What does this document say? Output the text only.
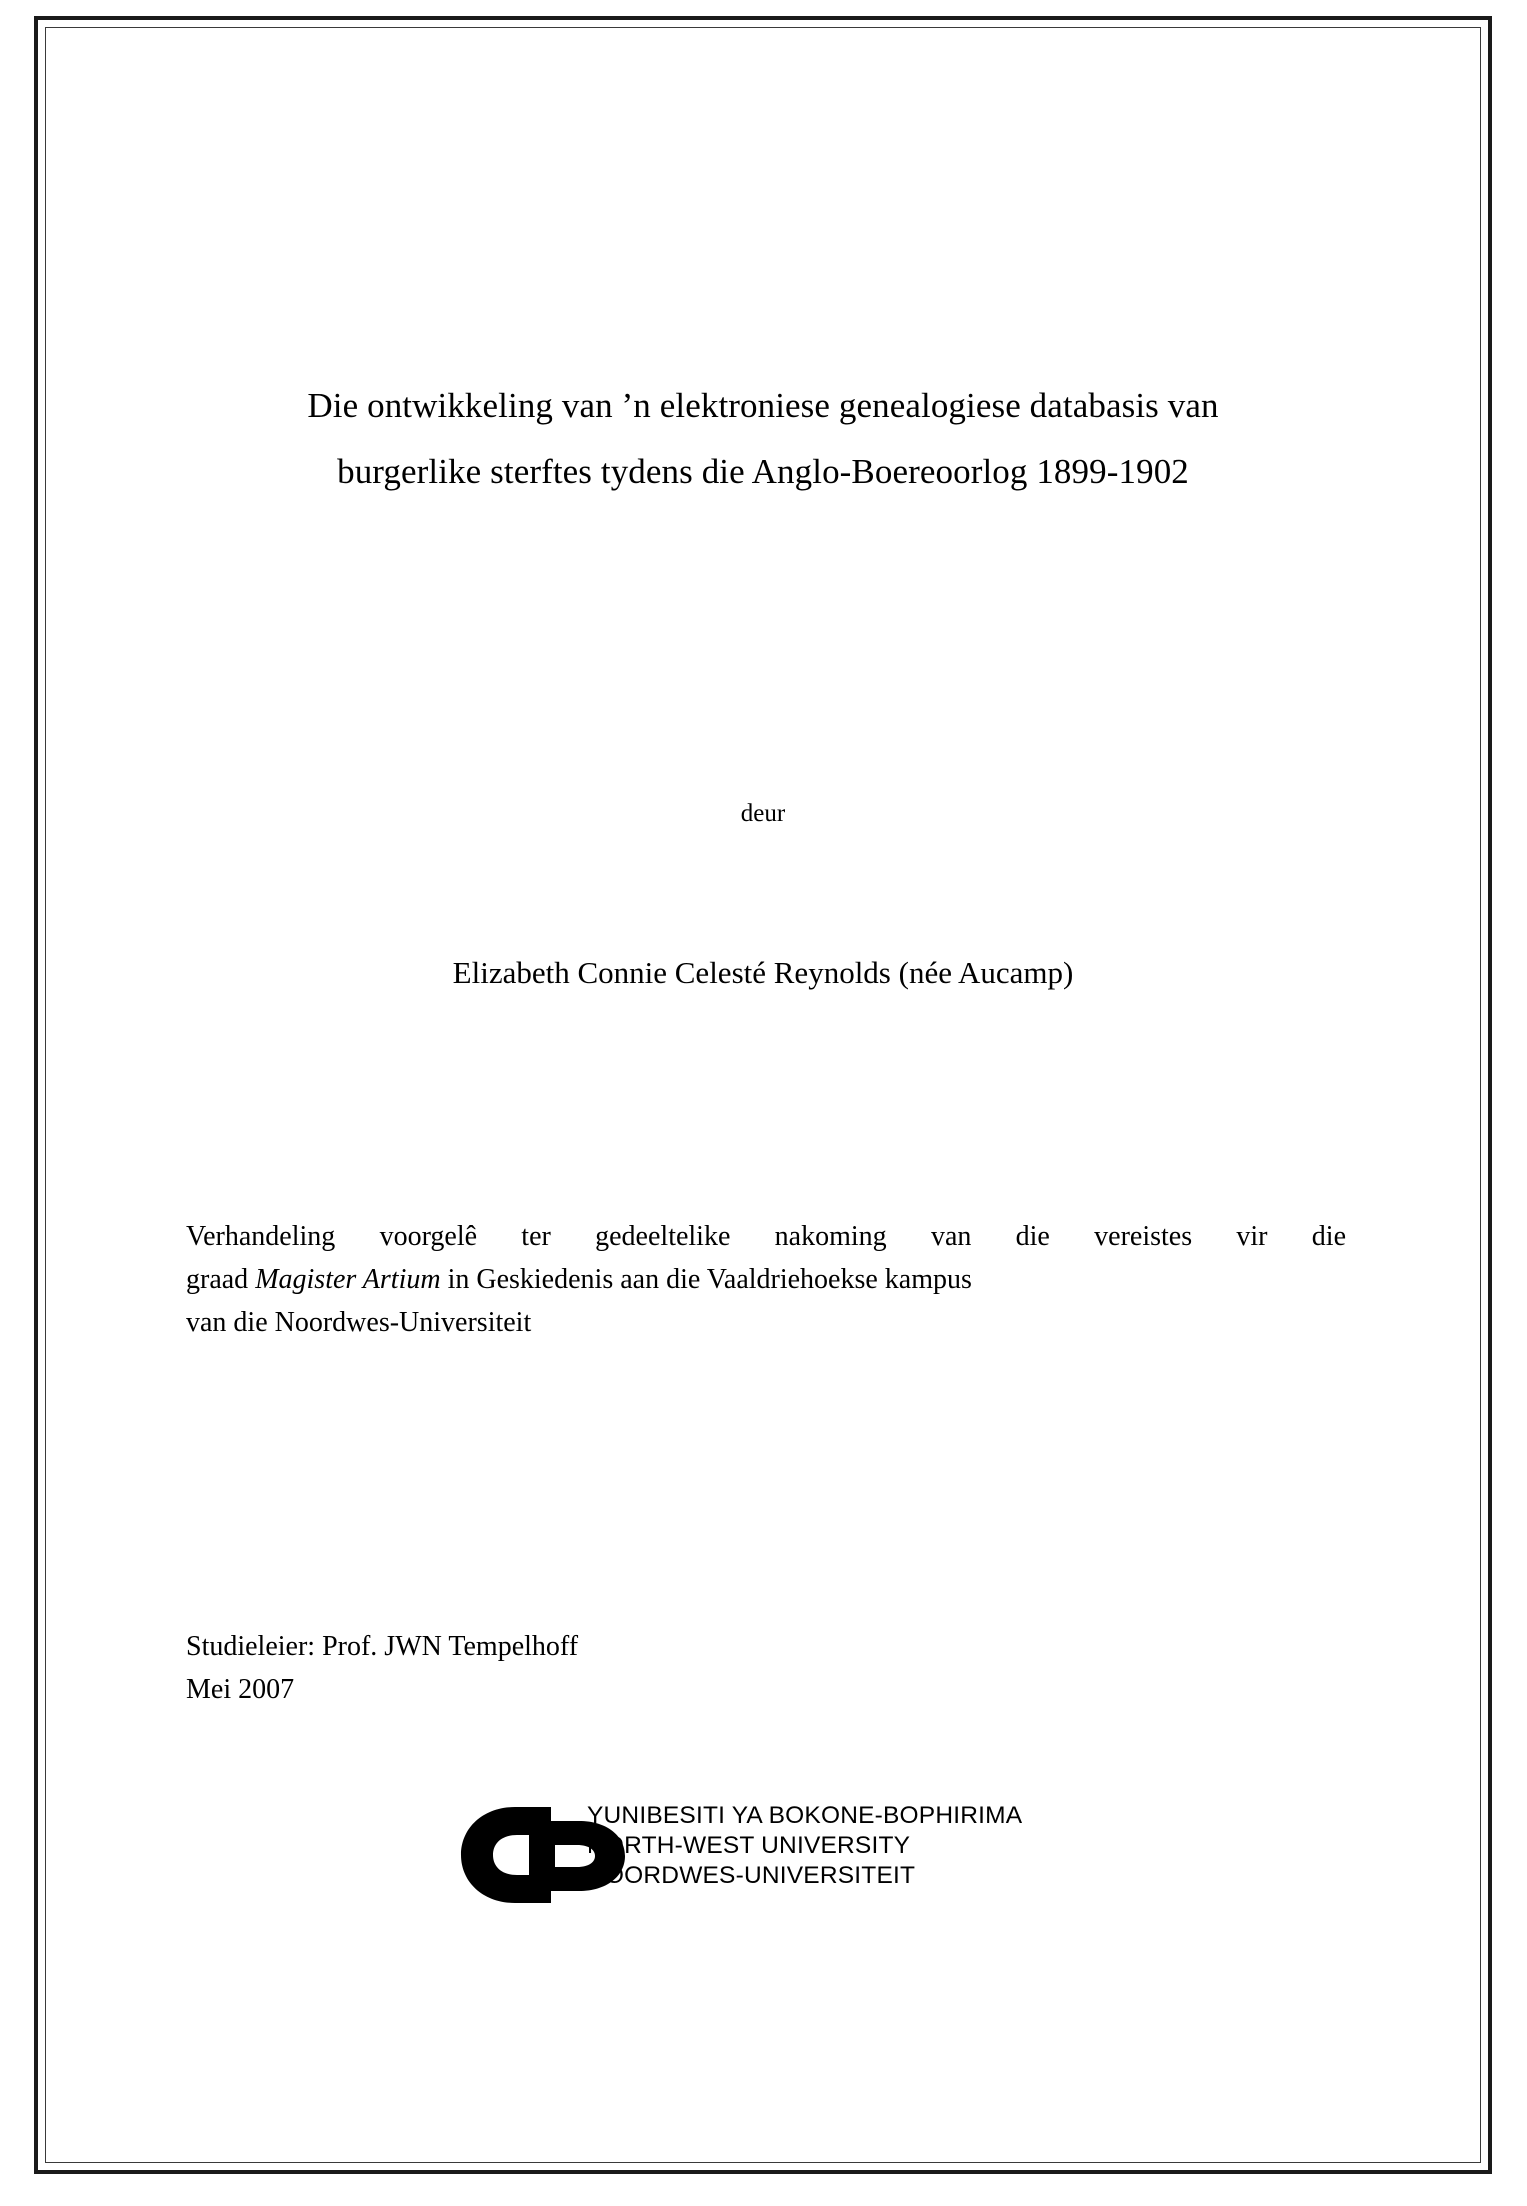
Die ontwikkeling van ’n elektroniese genealogiese databasis van
burgerlike sterftes tydens die Anglo-Boereoorlog 1899-1902
deur
Elizabeth Connie Celesté Reynolds (née Aucamp)

Verhandeling voorgelê ter gedeeltelike nakoming van die vereistes vir die

graad Magister Artium in Geskiedenis aan die Vaaldriehoekse kampus

van die Noordwes-Universiteit

Studieleier: Prof. JWN Tempelhoff

Mei 2007

YUNIBESITI YA BOKONE-BOPHIRIMA
NORTH-WEST UNIVERSITY
NOORDWES-UNIVERSITEIT
